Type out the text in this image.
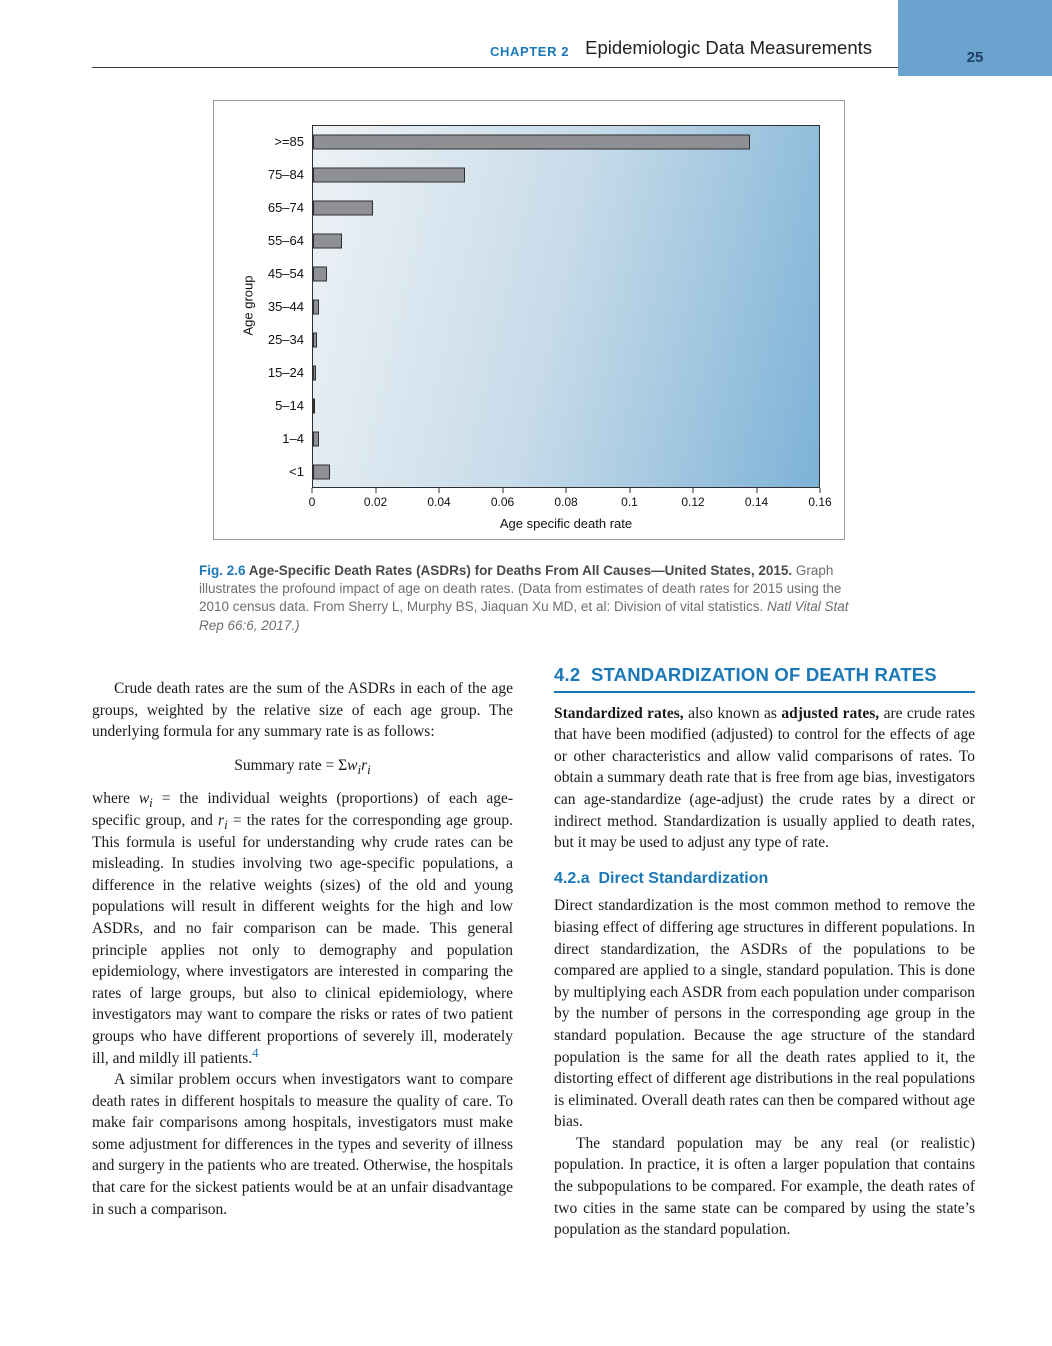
CHAPTER 2 Epidemiologic Data Measurements	25
Age group
>=85
75–84
65–74
55–64
45–54
35–44
25–34
15–24
5–14
1–4
<1
0	0.02	0.04	0.06	0.08	0.1	0.12	0.14	0.16
Age specific death rate

Fig. 2.6 Age-Specific Death Rates (ASDRs) for Deaths From All Causes—United States, 2015. Graph illustrates the profound impact of age on death rates. (Data from estimates of death rates for 2015 using the 2010 census data. From Sherry L, Murphy BS, Jiaquan Xu MD, et al: Division of vital statistics. Natl Vital Stat Rep 66:6, 2017.)

Crude death rates are the sum of the ASDRs in each of the age groups, weighted by the relative size of each age group. The underlying formula for any summary rate is as follows:

Summary rate = $\Sigma w_ir_i$

where $w_i$ = the individual weights (proportions) of each age-specific group, and $r_i$ = the rates for the corresponding age group. This formula is useful for understanding why crude rates can be misleading. In studies involving two age-specific populations, a difference in the relative weights (sizes) of the old and young populations will result in different weights for the high and low ASDRs, and no fair comparison can be made. This general principle applies not only to demography and population epidemiology, where investigators are interested in comparing the rates of large groups, but also to clinical epidemiology, where investigators may want to compare the risks or rates of two patient groups who have different proportions of severely ill, moderately ill, and mildly ill patients.$^4$

A similar problem occurs when investigators want to compare death rates in different hospitals to measure the quality of care. To make fair comparisons among hospitals, investigators must make some adjustment for differences in the types and severity of illness and surgery in the patients who are treated. Otherwise, the hospitals that care for the sickest patients would be at an unfair disadvantage in such a comparison.

4.2  STANDARDIZATION OF DEATH RATES

Standardized rates, also known as adjusted rates, are crude rates that have been modified (adjusted) to control for the effects of age or other characteristics and allow valid comparisons of rates. To obtain a summary death rate that is free from age bias, investigators can age-standardize (age-adjust) the crude rates by a direct or indirect method. Standardization is usually applied to death rates, but it may be used to adjust any type of rate.

4.2.a  Direct Standardization

Direct standardization is the most common method to remove the biasing effect of differing age structures in different populations. In direct standardization, the ASDRs of the populations to be compared are applied to a single, standard population. This is done by multiplying each ASDR from each population under comparison by the number of persons in the corresponding age group in the standard population. Because the age structure of the standard population is the same for all the death rates applied to it, the distorting effect of different age distributions in the real populations is eliminated. Overall death rates can then be compared without age bias.

The standard population may be any real (or realistic) population. In practice, it is often a larger population that contains the subpopulations to be compared. For example, the death rates of two cities in the same state can be compared by using the state’s population as the standard population.
